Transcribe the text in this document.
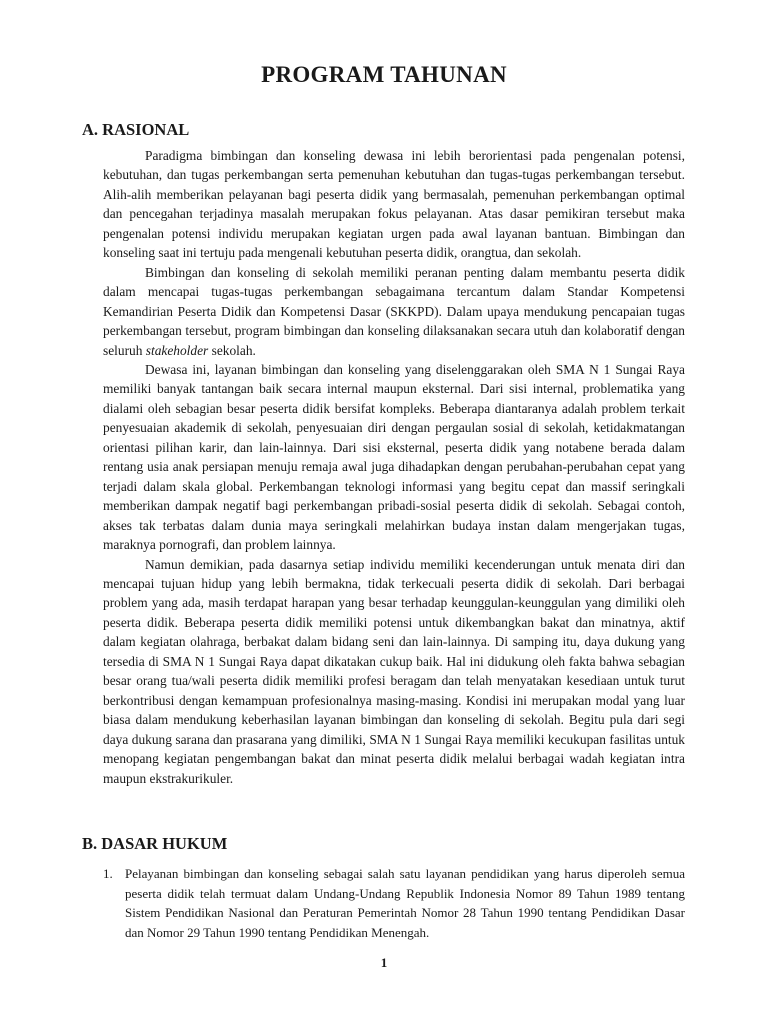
PROGRAM TAHUNAN
A. RASIONAL

Paradigma bimbingan dan konseling dewasa ini lebih berorientasi pada pengenalan potensi, kebutuhan, dan tugas perkembangan serta pemenuhan kebutuhan dan tugas-tugas perkembangan tersebut. Alih-alih memberikan pelayanan bagi peserta didik yang bermasalah, pemenuhan perkembangan optimal dan pencegahan terjadinya masalah merupakan fokus pelayanan. Atas dasar pemikiran tersebut maka pengenalan potensi individu merupakan kegiatan urgen pada awal layanan bantuan. Bimbingan dan konseling saat ini tertuju pada mengenali kebutuhan peserta didik, orangtua, dan sekolah.

Bimbingan dan konseling di sekolah memiliki peranan penting dalam membantu peserta didik dalam mencapai tugas-tugas perkembangan sebagaimana tercantum dalam Standar Kompetensi Kemandirian Peserta Didik dan Kompetensi Dasar (SKKPD). Dalam upaya mendukung pencapaian tugas perkembangan tersebut, program bimbingan dan konseling dilaksanakan secara utuh dan kolaboratif dengan seluruh stakeholder sekolah.

Dewasa ini, layanan bimbingan dan konseling yang diselenggarakan oleh SMA N 1 Sungai Raya memiliki banyak tantangan baik secara internal maupun eksternal. Dari sisi internal, problematika yang dialami oleh sebagian besar peserta didik bersifat kompleks. Beberapa diantaranya adalah problem terkait penyesuaian akademik di sekolah, penyesuaian diri dengan pergaulan sosial di sekolah, ketidakmatangan orientasi pilihan karir, dan lain-lainnya. Dari sisi eksternal, peserta didik yang notabene berada dalam rentang usia anak persiapan menuju remaja awal juga dihadapkan dengan perubahan-perubahan cepat yang terjadi dalam skala global. Perkembangan teknologi informasi yang begitu cepat dan massif seringkali memberikan dampak negatif bagi perkembangan pribadi-sosial peserta didik di sekolah. Sebagai contoh, akses tak terbatas dalam dunia maya seringkali melahirkan budaya instan dalam mengerjakan tugas, maraknya pornografi, dan problem lainnya.

Namun demikian, pada dasarnya setiap individu memiliki kecenderungan untuk menata diri dan mencapai tujuan hidup yang lebih bermakna, tidak terkecuali peserta didik di sekolah. Dari berbagai problem yang ada, masih terdapat harapan yang besar terhadap keunggulan-keunggulan yang dimiliki oleh peserta didik. Beberapa peserta didik memiliki potensi untuk dikembangkan bakat dan minatnya, aktif dalam kegiatan olahraga, berbakat dalam bidang seni dan lain-lainnya. Di samping itu, daya dukung yang tersedia di SMA N 1 Sungai Raya dapat dikatakan cukup baik. Hal ini didukung oleh fakta bahwa sebagian besar orang tua/wali peserta didik memiliki profesi beragam dan telah menyatakan kesediaan untuk turut berkontribusi dengan kemampuan profesionalnya masing-masing. Kondisi ini merupakan modal yang luar biasa dalam mendukung keberhasilan layanan bimbingan dan konseling di sekolah. Begitu pula dari segi daya dukung sarana dan prasarana yang dimiliki, SMA N 1 Sungai Raya memiliki kecukupan fasilitas untuk menopang kegiatan pengembangan bakat dan minat peserta didik melalui berbagai wadah kegiatan intra maupun ekstrakurikuler.

B. DASAR HUKUM
1. Pelayanan bimbingan dan konseling sebagai salah satu layanan pendidikan yang harus diperoleh semua peserta didik telah termuat dalam Undang-Undang Republik Indonesia Nomor 89 Tahun 1989 tentang Sistem Pendidikan Nasional dan Peraturan Pemerintah Nomor 28 Tahun 1990 tentang Pendidikan Dasar dan Nomor 29 Tahun 1990 tentang Pendidikan Menengah.
1
